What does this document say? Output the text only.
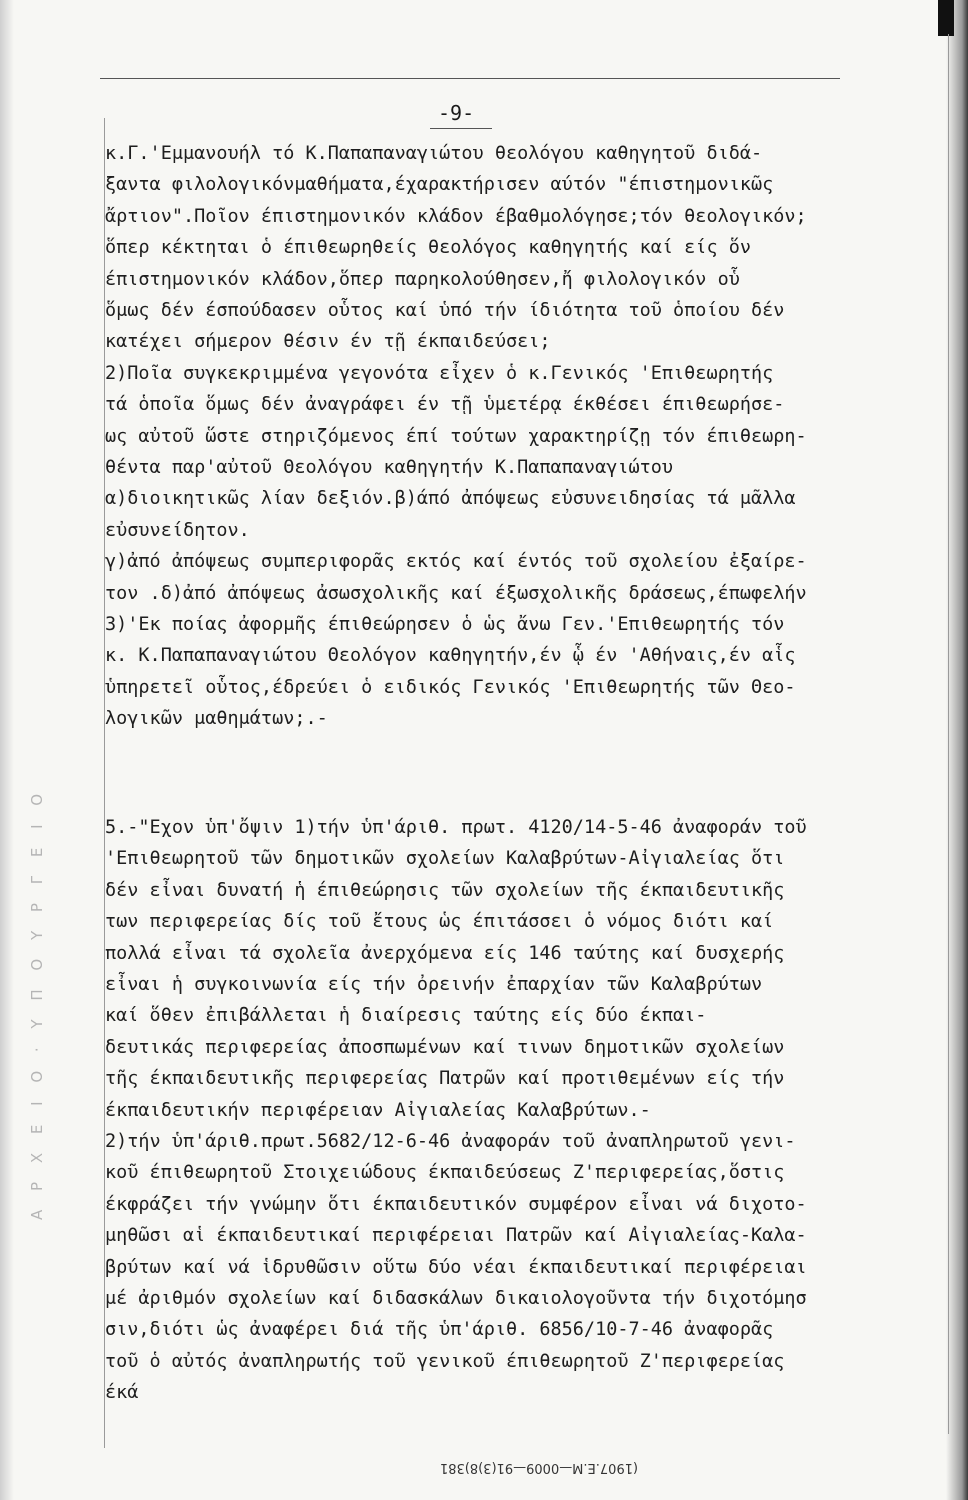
Α Ρ Χ Ε Ι Ο · Υ Π Ο Υ Ρ Γ Ε Ι Ο
-9-
κ.Γ.'Εμμανουήλ τό Κ.Παπαπαναγιώτου θεολόγου καθηγητοῦ διδά-
ξαντα φιλολογικόνμαθήματα,έχαρακτήρισεν αύτόν "έπιστημονικῶς
ἄρτιον".Ποῖον έπιστημονικόν κλάδον έβαθμολόγησε;τόν θεολογικόν;
ὅπερ κέκτηται ὁ έπιθεωρηθείς θεολόγος καθηγητής καί είς ὅν
έπιστημονικόν κλάδον,ὅπερ παρηκολούθησεν,ἤ φιλολογικόν οὗ
ὅμως δέν έσπούδασεν οὗτος καί ὑπό τήν ίδιότητα τοῦ ὁποίου δέν
κατέχει σήμερον θέσιν έν τῇ έκπαιδεύσει;
2)Ποῖα συγκεκριμμένα γεγονότα εἶχεν ὁ κ.Γενικός 'Επιθεωρητής
τά ὁποῖα ὅμως δέν ἀναγράφει έν τῇ ὑμετέρᾳ έκθέσει έπιθεωρήσε-
ως αὐτοῦ ὥστε στηριζόμενος έπί τούτων χαρακτηρίζῃ τόν έπιθεωρη-
θέντα παρ'αὐτοῦ Θεολόγου καθηγητήν Κ.Παπαπαναγιώτου
α)διοικητικῶς λίαν δεξιόν.β)άπό ἀπόψεως εὐσυνειδησίας τά μᾶλλα
εὐσυνείδητον.
γ)ἀπό ἀπόψεως συμπεριφορᾶς εκτός καί έντός τοῦ σχολείου ἐξαίρε-
τον .δ)ἀπό ἀπόψεως ἀσωσχολικῆς καί έξωσχολικῆς δράσεως,έπωφελήν
3)'Εκ ποίας ἀφορμῆς έπιθεώρησεν ὁ ὡς ἄνω Γεν.'Επιθεωρητής τόν
κ. Κ.Παπαπαναγιώτου Θεολόγον καθηγητήν,έν ᾧ έν 'Αθήναις,έν αἷς
ὑπηρετεῖ οὗτος,έδρεύει ὁ ειδικός Γενικός 'Επιθεωρητής τῶν Θεο-
λογικῶν μαθημάτων;.-
5.-"Εχον ὑπ'ὄψιν 1)τήν ὑπ'άριθ. πρωτ. 4120/14-5-46 ἀναφοράν τοῦ
'Επιθεωρητοῦ τῶν δημοτικῶν σχολείων Καλαβρύτων-Αἰγιαλείας ὅτι
δέν εἶναι δυνατή ἡ έπιθεώρησις τῶν σχολείων τῆς έκπαιδευτικῆς
των περιφερείας δίς τοῦ ἔτους ὡς έπιτάσσει ὁ νόμος διότι καί
πολλά εἶναι τά σχολεῖα ἀνερχόμενα είς 146 ταύτης καί δυσχερής
εἶναι ἡ συγκοινωνία είς τήν ὀρεινήν ἐπαρχίαν τῶν Καλαβρύτων
καί ὅθεν ἐπιβάλλεται ἡ διαίρεσις ταύτης είς δύο έκπαι-
δευτικάς περιφερείας ἀποσπωμένων καί τινων δημοτικῶν σχολείων
τῆς έκπαιδευτικῆς περιφερείας Πατρῶν καί προτιθεμένων είς τήν
έκπαιδευτικήν περιφέρειαν Αἰγιαλείας Καλαβρύτων.-
2)τήν ὑπ'άριθ.πρωτ.5682/12-6-46 ἀναφοράν τοῦ ἀναπληρωτοῦ γενι-
κοῦ έπιθεωρητοῦ Στοιχειώδους έκπαιδεύσεως Ζ'περιφερείας,ὅστις
έκφράζει τήν γνώμην ὅτι έκπαιδευτικόν συμφέρον εἶναι νά διχοτο-
μηθῶσι αἱ έκπαιδευτικαί περιφέρειαι Πατρῶν καί Αἰγιαλείας-Καλα-
βρύτων καί νά ἱδρυθῶσιν οὕτω δύο νέαι έκπαιδευτικαί περιφέρειαι
μέ ἀριθμόν σχολείων καί διδασκάλων δικαιολογοῦντα τήν διχοτόμησ
σιν,διότι ὡς ἀναφέρει διά τῆς ὑπ'άριθ. 6856/10-7-46 ἀναφορᾶς
τοῦ ὁ αὐτός ἀναπληρωτής τοῦ γενικοῦ έπιθεωρητοῦ Ζ'περιφερείας
έκά
(1907.Ε.Μ—0009—91(3)8)381
